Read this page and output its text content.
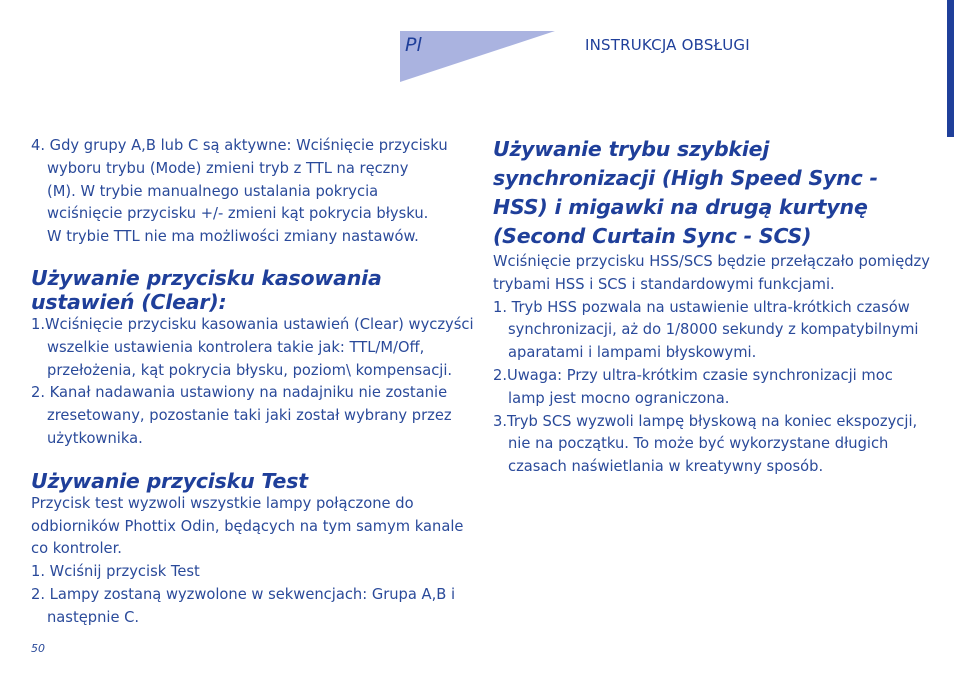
Pl	INSTRUKCJA OBSŁUGI

4. Gdy grupy A,B lub C są aktywne: Wciśnięcie przycisku

wyboru trybu (Mode) zmieni tryb z TTL na ręczny

(M). W trybie manualnego ustalania pokrycia

wciśnięcie przycisku +/- zmieni kąt pokrycia błysku.

W trybie TTL nie ma możliwości zmiany nastawów.

Używanie przycisku kasowania
ustawień (Clear):

1.Wciśnięcie przycisku kasowania ustawień (Clear) wyczyści wszelkie ustawienia kontrolera takie jak: TTL/M/Off, przełożenia, kąt pokrycia błysku, poziom\ kompensacji.

2. Kanał nadawania ustawiony na nadajniku nie zostanie zresetowany, pozostanie taki jaki został wybrany przez użytkownika.

Używanie przycisku Test

Przycisk test wyzwoli wszystkie lampy połączone do odbiorników Phottix Odin, będących na tym samym kanale co kontroler.

1. Wciśnij przycisk Test

2. Lampy zostaną wyzwolone w sekwencjach: Grupa A,B i następnie C.

Używanie trybu szybkiej
synchronizacji (High Speed Sync -
HSS) i migawki na drugą kurtynę
(Second Curtain Sync - SCS)

Wciśnięcie przycisku HSS/SCS będzie przełączało pomiędzy trybami HSS i SCS i standardowymi funkcjami.

1. Tryb HSS pozwala na ustawienie ultra-krótkich czasów synchronizacji, aż do 1/8000 sekundy z kompatybilnymi aparatami i lampami błyskowymi.

2.Uwaga: Przy ultra-krótkim czasie synchronizacji moc lamp jest mocno ograniczona.

3.Tryb SCS wyzwoli lampę błyskową na koniec ekspozycji, nie na początku. To może być wykorzystane długich czasach naświetlania w kreatywny sposób.

50
